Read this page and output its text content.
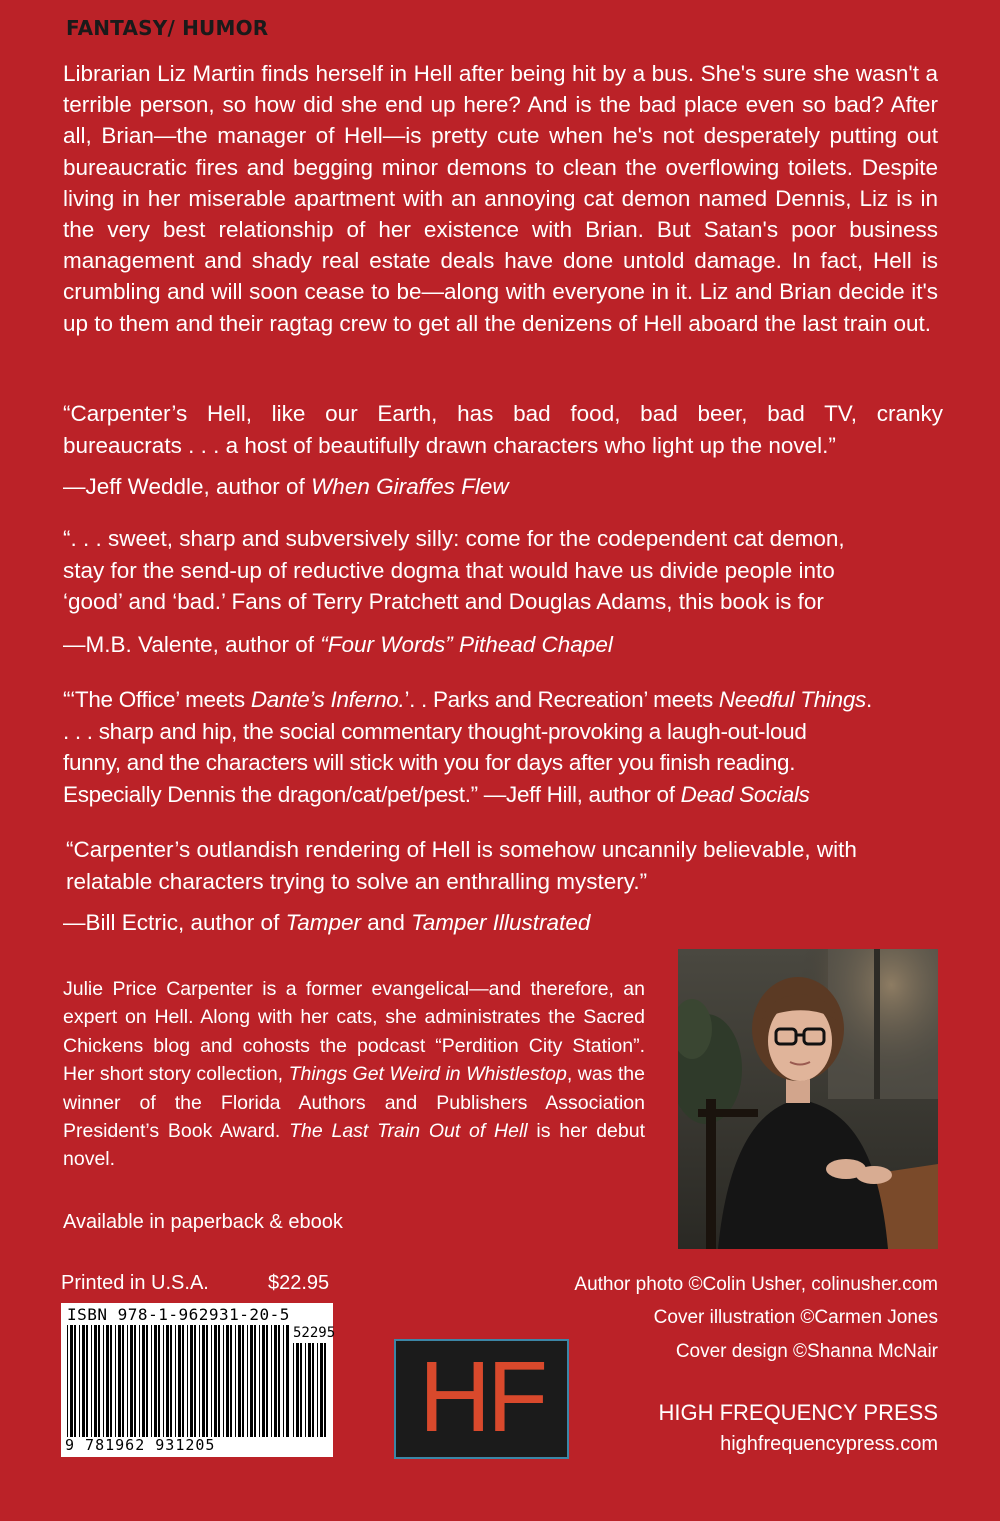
FANTASY/ HUMOR

Librarian Liz Martin finds herself in Hell after being hit by a bus. She's sure she wasn't a terrible person, so how did she end up here? And is the bad place even so bad? After all, Brian—the manager of Hell—is pretty cute when he's not desperately putting out bureaucratic fires and begging minor demons to clean the overflowing toilets. Despite living in her miserable apartment with an annoying cat demon named Dennis, Liz is in the very best relationship of her existence with Brian. But Satan's poor business management and shady real estate deals have done untold damage. In fact, Hell is crumbling and will soon cease to be—along with everyone in it. Liz and Brian decide it's up to them and their ragtag crew to get all the denizens of Hell aboard the last train out.

“Carpenter’s Hell, like our Earth, has bad food, bad beer, bad TV, cranky
bureaucrats . . . a host of beautifully drawn characters who light up the novel.”
—Jeff Weddle, author of When Giraffes Flew
“. . . sweet, sharp and subversively silly: come for the codependent cat demon,
stay for the send-up of reductive dogma that would have us divide people into
‘good’ and ‘bad.’ Fans of Terry Pratchett and Douglas Adams, this book is for
—M.B. Valente, author of “Four Words” Pithead Chapel
“‘The Office’ meets Dante’s Inferno.’. . Parks and Recreation’ meets Needful Things.
. . . sharp and hip, the social commentary thought-provoking a laugh-out-loud
funny, and the characters will stick with you for days after you finish reading.
Especially Dennis the dragon/cat/pet/pest.” —Jeff Hill, author of Dead Socials
“Carpenter’s outlandish rendering of Hell is somehow uncannily believable, with
relatable characters trying to solve an enthralling mystery.”
—Bill Ectric, author of Tamper and Tamper Illustrated

Julie Price Carpenter is a former evangelical—and therefore, an expert on Hell. Along with her cats, she administrates the Sacred Chickens blog and cohosts the podcast “Perdition City Station”. Her short story collection, Things Get Weird in Whistlestop, was the winner of the Florida Authors and Publishers Association President’s Book Award. The Last Train Out of Hell is her debut novel.

Available in paperback & ebook
Printed in U.S.A.	$22.95
ISBN 978-1-962931-20-5
52295
9 781962 931205 HF
Author photo ©Colin Usher, colinusher.com
Cover illustration ©Carmen Jones
Cover design ©Shanna McNair
HIGH FREQUENCY PRESS
highfrequencypress.com
